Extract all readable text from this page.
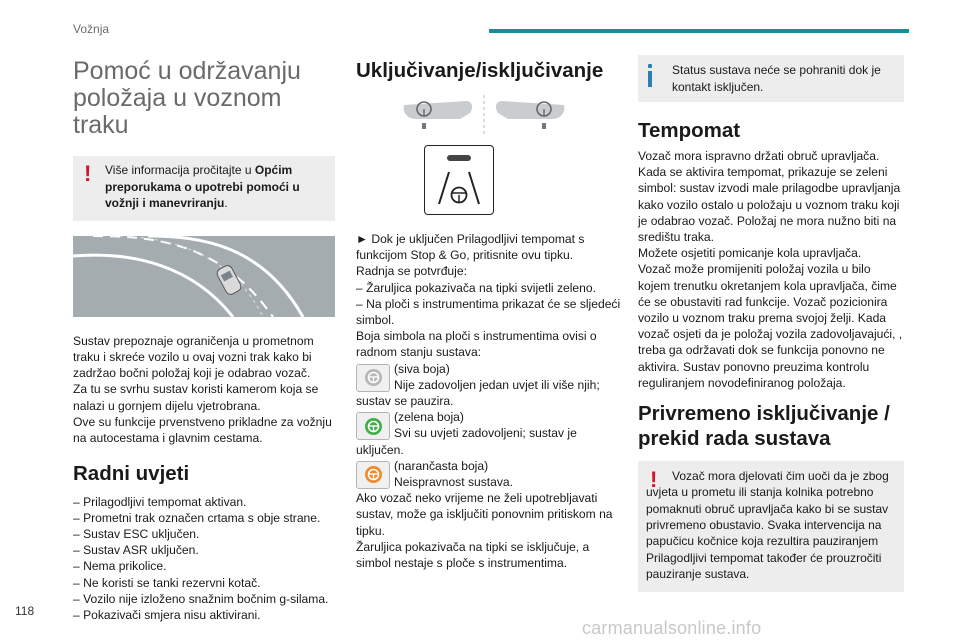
Vožnja
Pomoć u održavanju položaja u voznom traku
!	Više informacija pročitajte u Općim preporukama o upotrebi pomoći u vožnji i manevriranju.

Sustav prepoznaje ograničenja u prometnom traku i skreće vozilo u ovaj vozni trak kako bi zadržao bočni položaj koji je odabrao vozač.

Za tu se svrhu sustav koristi kamerom koja se nalazi u gornjem dijelu vjetrobrana.

Ove su funkcije prvenstveno prikladne za vožnju na autocestama i glavnim cestama.

Radni uvjeti

– Prilagodljivi tempomat aktivan.

– Prometni trak označen crtama s obje strane.

– Sustav ESC uključen.

– Sustav ASR uključen.

– Nema prikolice.

– Ne koristi se tanki rezervni kotač.

– Vozilo nije izloženo snažnim bočnim g-silama.

– Pokazivači smjera nisu aktivirani.

Uključivanje/isključivanje

► Dok je uključen Prilagodljivi tempomat s funkcijom Stop & Go, pritisnite ovu tipku.

Radnja se potvrđuje:

– Žaruljica pokazivača na tipki svijetli zeleno.

– Na ploči s instrumentima prikazat će se sljedeći simbol.

Boja simbola na ploči s instrumentima ovisi o radnom stanju sustava:

(siva boja)

Nije zadovoljen jedan uvjet ili više njih; sustav se pauzira.

(zelena boja)

Svi su uvjeti zadovoljeni; sustav je uključen.

(narančasta boja)

Neispravnost sustava.

Ako vozač neko vrijeme ne želi upotrebljavati sustav, može ga isključiti ponovnim pritiskom na tipku.

Žaruljica pokazivača na tipki se isključuje, a simbol nestaje s ploče s instrumentima.

Status sustava neće se pohraniti dok je kontakt isključen.
Tempomat

Vozač mora ispravno držati obruč upravljača.

Kada se aktivira tempomat, prikazuje se zeleni simbol: sustav izvodi male prilagodbe upravljanja kako vozilo ostalo u položaju u voznom traku koji je odabrao vozač. Položaj ne mora nužno biti na središtu traka.

Možete osjetiti pomicanje kola upravljača.

Vozač može promijeniti položaj vozila u bilo kojem trenutku okretanjem kola upravljača, čime će se obustaviti rad funkcije. Vozač pozicionira vozilo u voznom traku prema svojoj želji. Kada vozač osjeti da je položaj vozila zadovoljavajući, , treba ga održavati dok se funkcija ponovno ne aktivira. Sustav ponovno preuzima kontrolu reguliranjem novodefiniranog položaja.

Privremeno isključivanje / prekid rada sustava
!	Vozač mora djelovati čim uoči da je zbog uvjeta u prometu ili stanja kolnika potrebno pomaknuti obruč upravljača kako bi se sustav privremeno obustavio. Svaka intervencija na papučicu kočnice koja rezultira pauziranjem Prilagodljivi tempomat također će prouzročiti pauziranje sustava.
118
carmanualsonline.info
